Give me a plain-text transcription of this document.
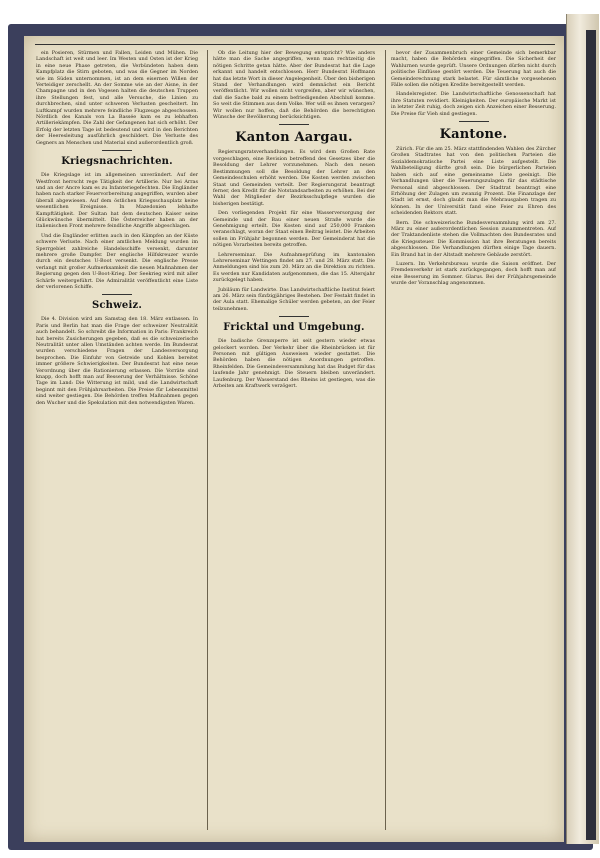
ein Posieren, Stürmen und Fallen, Leiden und Mühen. Die Landschaft ist weit und leer. Im Westen und Osten ist der Krieg in eine neue Phase getreten, die Verbündeten haben dem Kampfplatz die Stirn geboten, und was die Gegner im Norden wie im Süden unternommen, ist an dem eisernen Willen der Verteidiger zerschellt. An der Somme wie an der Aisne, in der Champagne und in den Vogesen halten die deutschen Truppen ihre Stellungen fest, und alle Versuche, die Linien zu durchbrechen, sind unter schweren Verlusten gescheitert. Im Luftkampf wurden mehrere feindliche Flugzeuge abgeschossen. Nördlich des Kanals von La Bassée kam es zu lebhaften Artilleriekämpfen. Die Zahl der Gefangenen hat sich erhöht. Der Erfolg der letzten Tage ist bedeutend und wird in den Berichten der Heeresleitung ausführlich geschildert. Die Verluste des Gegners an Menschen und Material sind außerordentlich groß.

Kriegsnachrichten.

Die Kriegslage ist im allgemeinen unverändert. Auf der Westfront herrscht rege Tätigkeit der Artillerie. Nur bei Arras und an der Ancre kam es zu Infanteriegefechten. Die Engländer haben nach starker Feuervorbereitung angegriffen, wurden aber überall abgewiesen. Auf dem östlichen Kriegsschauplatz keine wesentlichen Ereignisse. In Mazedonien lebhafte Kampftätigkeit. Der Sultan hat dem deutschen Kaiser seine Glückwünsche übermittelt. Die Österreicher haben an der italienischen Front mehrere feindliche Angriffe abgeschlagen.

Und die Engländer erlitten auch in den Kämpfen an der Küste schwere Verluste. Nach einer amtlichen Meldung wurden im Sperrgebiet zahlreiche Handelsschiffe versenkt, darunter mehrere große Dampfer. Der englische Hilfskreuzer wurde durch ein deutsches U-Boot versenkt. Die englische Presse verlangt mit großer Aufmerksamkeit die neuen Maßnahmen der Regierung gegen den U-Boot-Krieg. Der Seekrieg wird mit aller Schärfe weitergeführt. Die Admiralität veröffentlicht eine Liste der verlorenen Schiffe.

Schweiz.

Die 4. Division wird am Samstag den 18. März entlassen. In Paris und Berlin hat man die Frage der schweizer Neutralität auch behandelt. So schreibt die Information in Paris: Frankreich hat bereits Zusicherungen gegeben, daß es die schweizerische Neutralität unter allen Umständen achten werde. Im Bundesrat wurden verschiedene Fragen der Landesversorgung besprochen. Die Einfuhr von Getreide und Kohlen bereitet immer größere Schwierigkeiten. Der Bundesrat hat eine neue Verordnung über die Rationierung erlassen. Die Vorräte sind knapp, doch hofft man auf Besserung der Verhältnisse. Schöne Tage im Land: Die Witterung ist mild, und die Landwirtschaft beginnt mit den Frühjahrsarbeiten. Die Preise für Lebensmittel sind weiter gestiegen. Die Behörden treffen Maßnahmen gegen den Wucher und die Spekulation mit den notwendigsten Waren.

Ob die Leitung hier der Bewegung entspricht? Wie anders hätte man die Sache angegriffen, wenn man rechtzeitig die nötigen Schritte getan hätte. Aber der Bundesrat hat die Lage erkannt und handelt entschlossen. Herr Bundesrat Hoffmann hat das letzte Wort in dieser Angelegenheit. Über den bisherigen Stand der Verhandlungen wird demnächst ein Bericht veröffentlicht. Wir wollen nicht vorgreifen, aber wir wünschen, daß die Sache bald zu einem befriedigenden Abschluß komme. So weit die Stimmen aus dem Volke. Wer will es ihnen verargen? Wir wollen nur hoffen, daß die Behörden die berechtigten Wünsche der Bevölkerung berücksichtigen.

Kanton Aargau.

Regierungsratsverhandlungen. Es wird dem Großen Rate vorgeschlagen, eine Revision betreffend des Gesetzes über die Besoldung der Lehrer vorzunehmen. Nach den neuen Bestimmungen soll die Besoldung der Lehrer an den Gemeindeschulen erhöht werden. Die Kosten werden zwischen Staat und Gemeinden verteilt. Der Regierungsrat beantragt ferner, den Kredit für die Notstandsarbeiten zu erhöhen. Bei der Wahl der Mitglieder der Bezirksschulpflege wurden die bisherigen bestätigt.

Den vorliegenden Projekt für eine Wasserversorgung der Gemeinde und der Bau einer neuen Straße wurde die Genehmigung erteilt. Die Kosten sind auf 250,000 Franken veranschlagt, woran der Staat einen Beitrag leistet. Die Arbeiten sollen im Frühjahr begonnen werden. Der Gemeinderat hat die nötigen Vorarbeiten bereits getroffen.

Lehrerseminar. Die Aufnahmeprüfung im kantonalen Lehrerseminar Wettingen findet am 27. und 28. März statt. Die Anmeldungen sind bis zum 20. März an die Direktion zu richten. Es werden nur Kandidaten aufgenommen, die das 15. Altersjahr zurückgelegt haben.

Jubiläum für Landwirte. Das Landwirtschaftliche Institut feiert am 26. März sein fünfzigjähriges Bestehen. Der Festakt findet in der Aula statt. Ehemalige Schüler werden gebeten, an der Feier teilzunehmen.

Fricktal und Umgebung.

Die badische Grenzsperre ist seit gestern wieder etwas gelockert worden. Der Verkehr über die Rheinbrücken ist für Personen mit gültigen Ausweisen wieder gestattet. Die Behörden haben die nötigen Anordnungen getroffen. Rheinfelden. Die Gemeindeversammlung hat das Budget für das laufende Jahr genehmigt. Die Steuern bleiben unverändert. Laufenburg. Der Wasserstand des Rheins ist gestiegen, was die Arbeiten am Kraftwerk verzögert.

bevor der Zusammenbruch einer Gemeinde sich bemerkbar macht, haben die Behörden eingegriffen. Die Sicherheit der Wahlurnen wurde geprüft. Unsere Ordnungen dürfen nicht durch politische Einflüsse gestört werden. Die Teuerung hat auch die Gemeinderechnung stark belastet. Für sämtliche vorgesehenen Fälle sollen die nötigen Kredite bereitgestellt werden.

Handelsregister. Die Landwirtschaftliche Genossenschaft hat ihre Statuten revidiert. Kleinigkeiten. Der europäische Markt ist in letzter Zeit ruhig, doch zeigen sich Anzeichen einer Besserung. Die Preise für Vieh sind gestiegen.

Kantone.

Zürich. Für die am 25. März stattfindenden Wahlen des Zürcher Großen Stadtrates hat von den politischen Parteien die Sozialdemokratische Partei eine Liste aufgestellt. Die Wahlbeteiligung dürfte groß sein. Die bürgerlichen Parteien haben sich auf eine gemeinsame Liste geeinigt. Die Verhandlungen über die Teuerungszulagen für das städtische Personal sind abgeschlossen. Der Stadtrat beantragt eine Erhöhung der Zulagen um zwanzig Prozent. Die Finanzlage der Stadt ist ernst, doch glaubt man die Mehrausgaben tragen zu können. In der Universität fand eine Feier zu Ehren des scheidenden Rektors statt.

Bern. Die schweizerische Bundesversammlung wird am 27. März zu einer außerordentlichen Session zusammentreten. Auf der Traktandenliste stehen die Vollmachten des Bundesrates und die Kriegssteuer. Die Kommission hat ihre Beratungen bereits abgeschlossen. Die Verhandlungen dürften einige Tage dauern. Ein Brand hat in der Altstadt mehrere Gebäude zerstört.

Luzern. Im Verkehrsbureau wurde die Saison eröffnet. Der Fremdenverkehr ist stark zurückgegangen, doch hofft man auf eine Besserung im Sommer. Glarus. Bei der Frühjahrsgemeinde wurde der Voranschlag angenommen.
